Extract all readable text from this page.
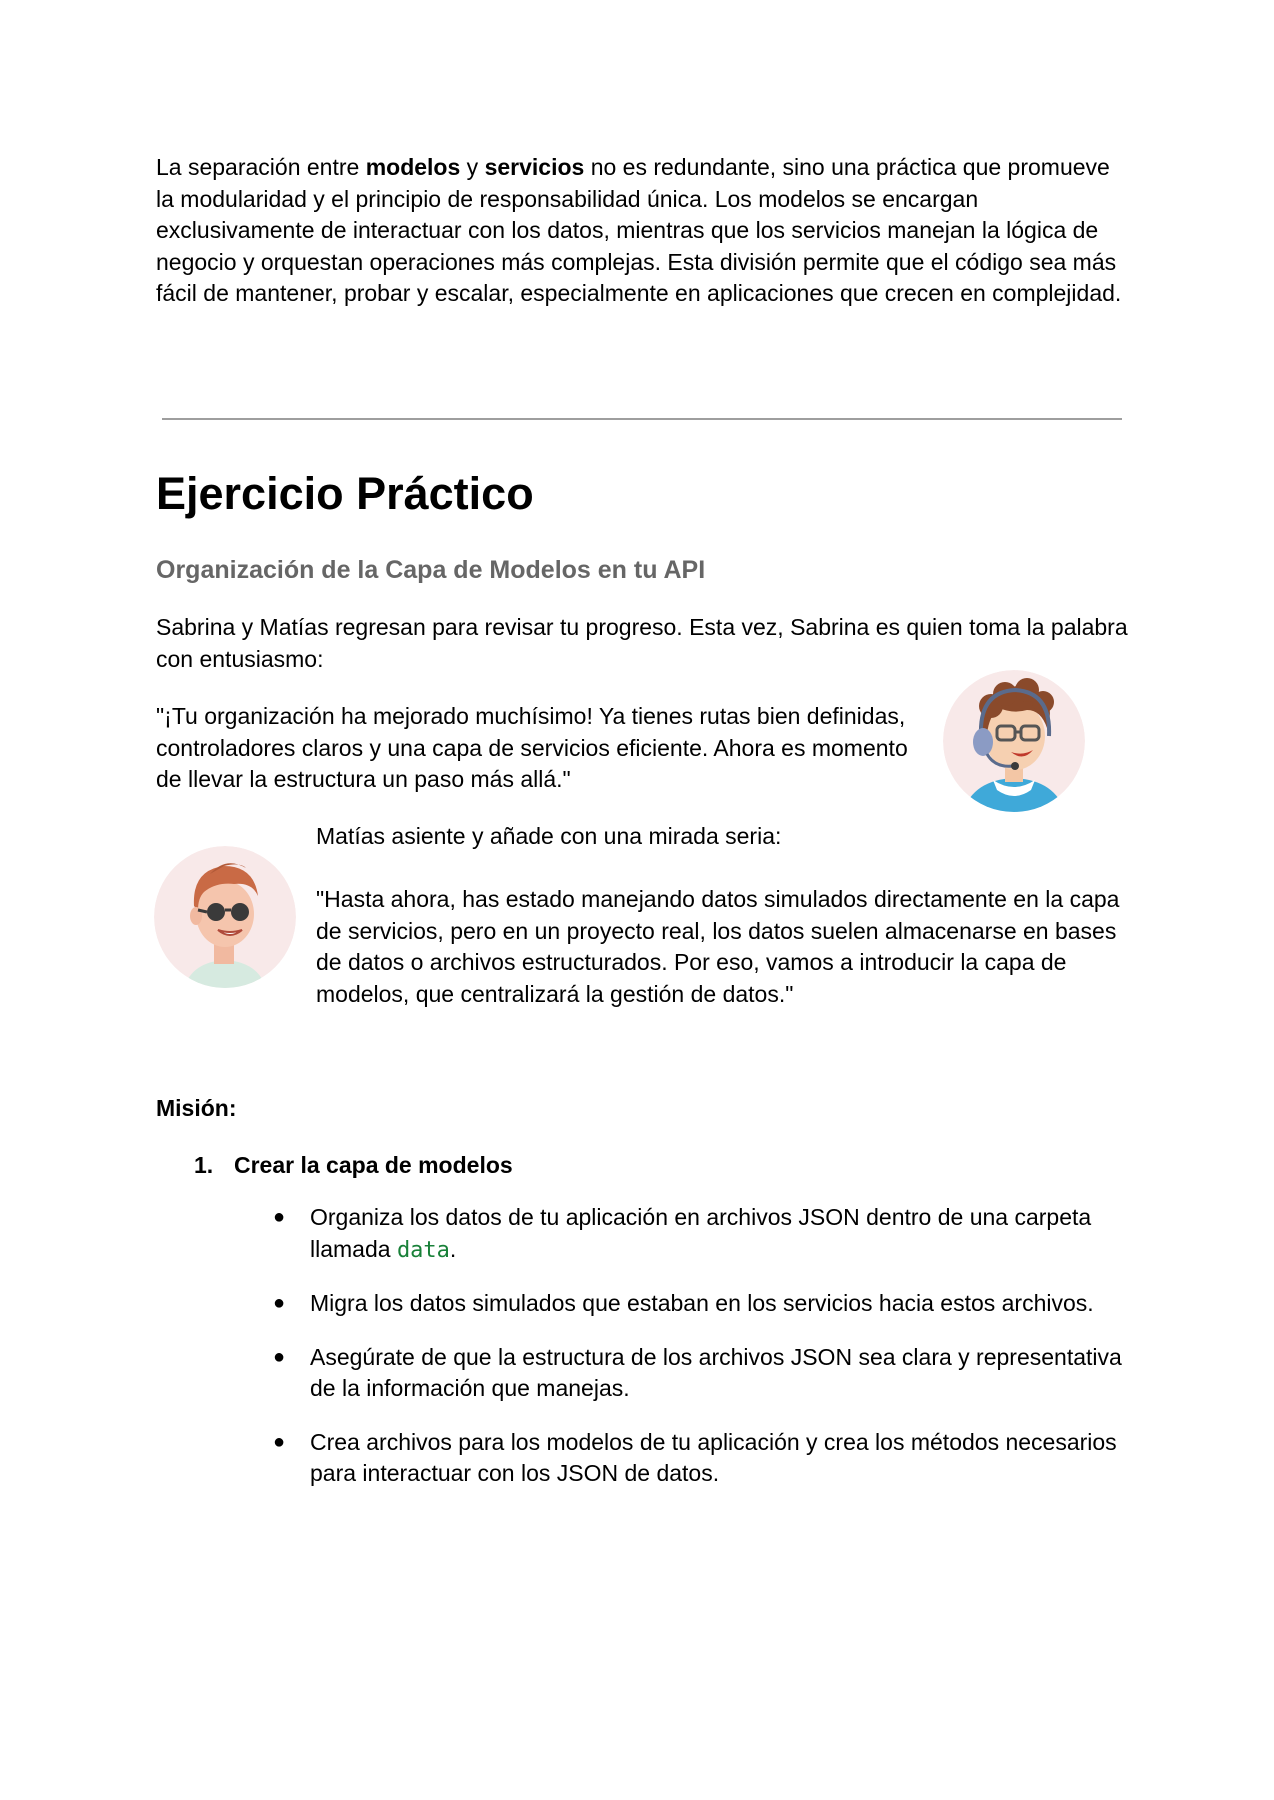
La separación entre modelos y servicios no es redundante, sino una práctica que promueve la modularidad y el principio de responsabilidad única. Los modelos se encargan exclusivamente de interactuar con los datos, mientras que los servicios manejan la lógica de negocio y orquestan operaciones más complejas. Esta división permite que el código sea más fácil de mantener, probar y escalar, especialmente en aplicaciones que crecen en complejidad.

Ejercicio Práctico
Organización de la Capa de Modelos en tu API

Sabrina y Matías regresan para revisar tu progreso. Esta vez, Sabrina es quien toma la palabra con entusiasmo:

"¡Tu organización ha mejorado muchísimo! Ya tienes rutas bien definidas, controladores claros y una capa de servicios eficiente. Ahora es momento de llevar la estructura un paso más allá."

Matías asiente y añade con una mirada seria:

"Hasta ahora, has estado manejando datos simulados directamente en la capa de servicios, pero en un proyecto real, los datos suelen almacenarse en bases de datos o archivos estructurados. Por eso, vamos a introducir la capa de modelos, que centralizará la gestión de datos."

Misión:

1. Crear la capa de modelos
● Organiza los datos de tu aplicación en archivos JSON dentro de una carpeta llamada data.
● Migra los datos simulados que estaban en los servicios hacia estos archivos.
● Asegúrate de que la estructura de los archivos JSON sea clara y representativa de la información que manejas.
● Crea archivos para los modelos de tu aplicación y crea los métodos necesarios para interactuar con los JSON de datos.
